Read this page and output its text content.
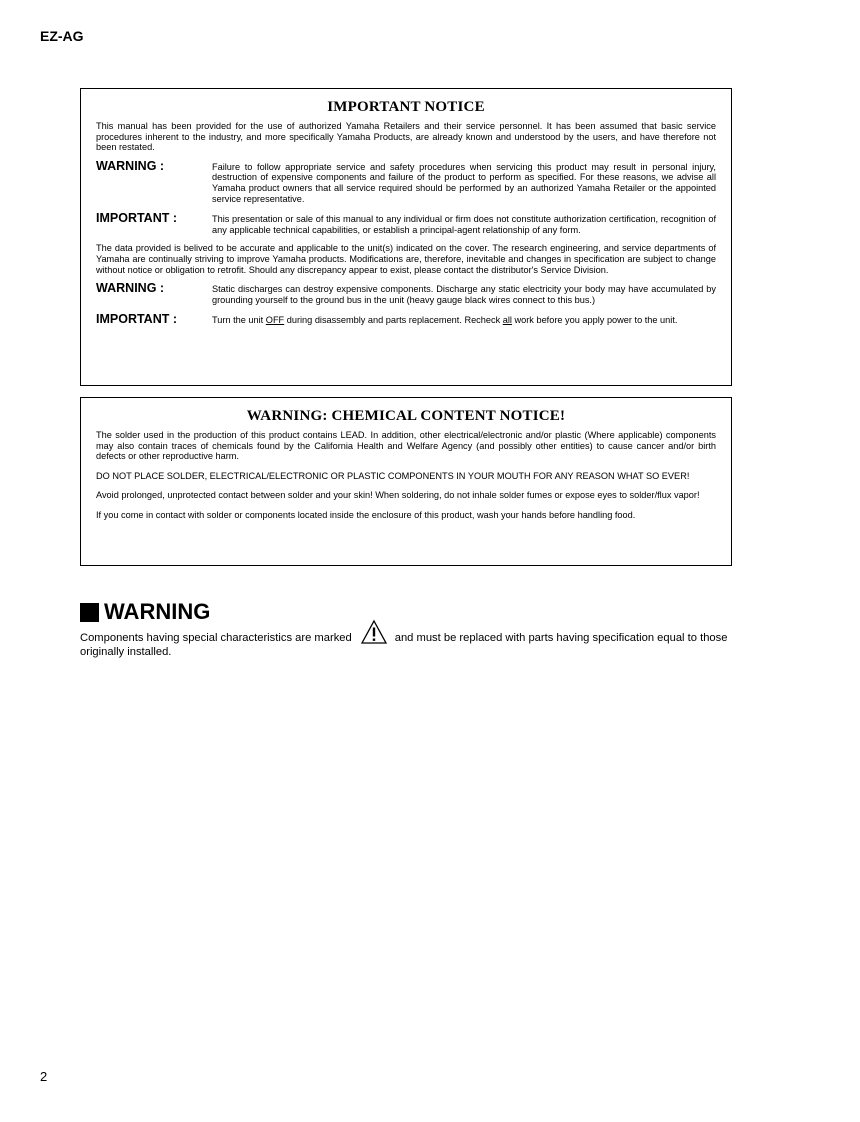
EZ-AG
IMPORTANT NOTICE

This manual has been provided for the use of authorized Yamaha Retailers and their service personnel. It has been assumed that basic service procedures inherent to the industry, and more specifically Yamaha Products, are already known and understood by the users, and have therefore not been restated.

WARNING :	Failure to follow appropriate service and safety procedures when servicing this product may result in personal injury, destruction of expensive components and failure of the product to perform as specified. For these reasons, we advise all Yamaha product owners that all service required should be performed by an authorized Yamaha Retailer or the appointed service representative.
IMPORTANT :	This presentation or sale of this manual to any individual or firm does not constitute authorization certification, recognition of any applicable technical capabilities, or establish a principal-agent relationship of any form.

The data provided is belived to be accurate and applicable to the unit(s) indicated on the cover. The research engineering, and service departments of Yamaha are continually striving to improve Yamaha products. Modifications are, therefore, inevitable and changes in specification are subject to change without notice or obligation to retrofit. Should any discrepancy appear to exist, please contact the distributor's Service Division.

WARNING :	Static discharges can destroy expensive components. Discharge any static electricity your body may have accumulated by grounding yourself to the ground bus in the unit (heavy gauge black wires connect to this bus.)
IMPORTANT :	Turn the unit OFF during disassembly and parts replacement. Recheck all work before you apply power to the unit.
WARNING: CHEMICAL CONTENT NOTICE!

The solder used in the production of this product contains LEAD. In addition, other electrical/electronic and/or plastic (Where applicable) components may also contain traces of chemicals found by the California Health and Welfare Agency (and possibly other entities) to cause cancer and/or birth defects or other reproductive harm.

DO NOT PLACE SOLDER, ELECTRICAL/ELECTRONIC OR PLASTIC COMPONENTS IN YOUR MOUTH FOR ANY REASON WHAT SO EVER!

Avoid prolonged, unprotected contact between solder and your skin! When soldering, do not inhale solder fumes or expose eyes to solder/flux vapor!

If you come in contact with solder or components located inside the enclosure of this product, wash your hands before handling food.

WARNING
Components having special characteristics are marked	and must be replaced with parts having specification equal to those originally installed.
2
